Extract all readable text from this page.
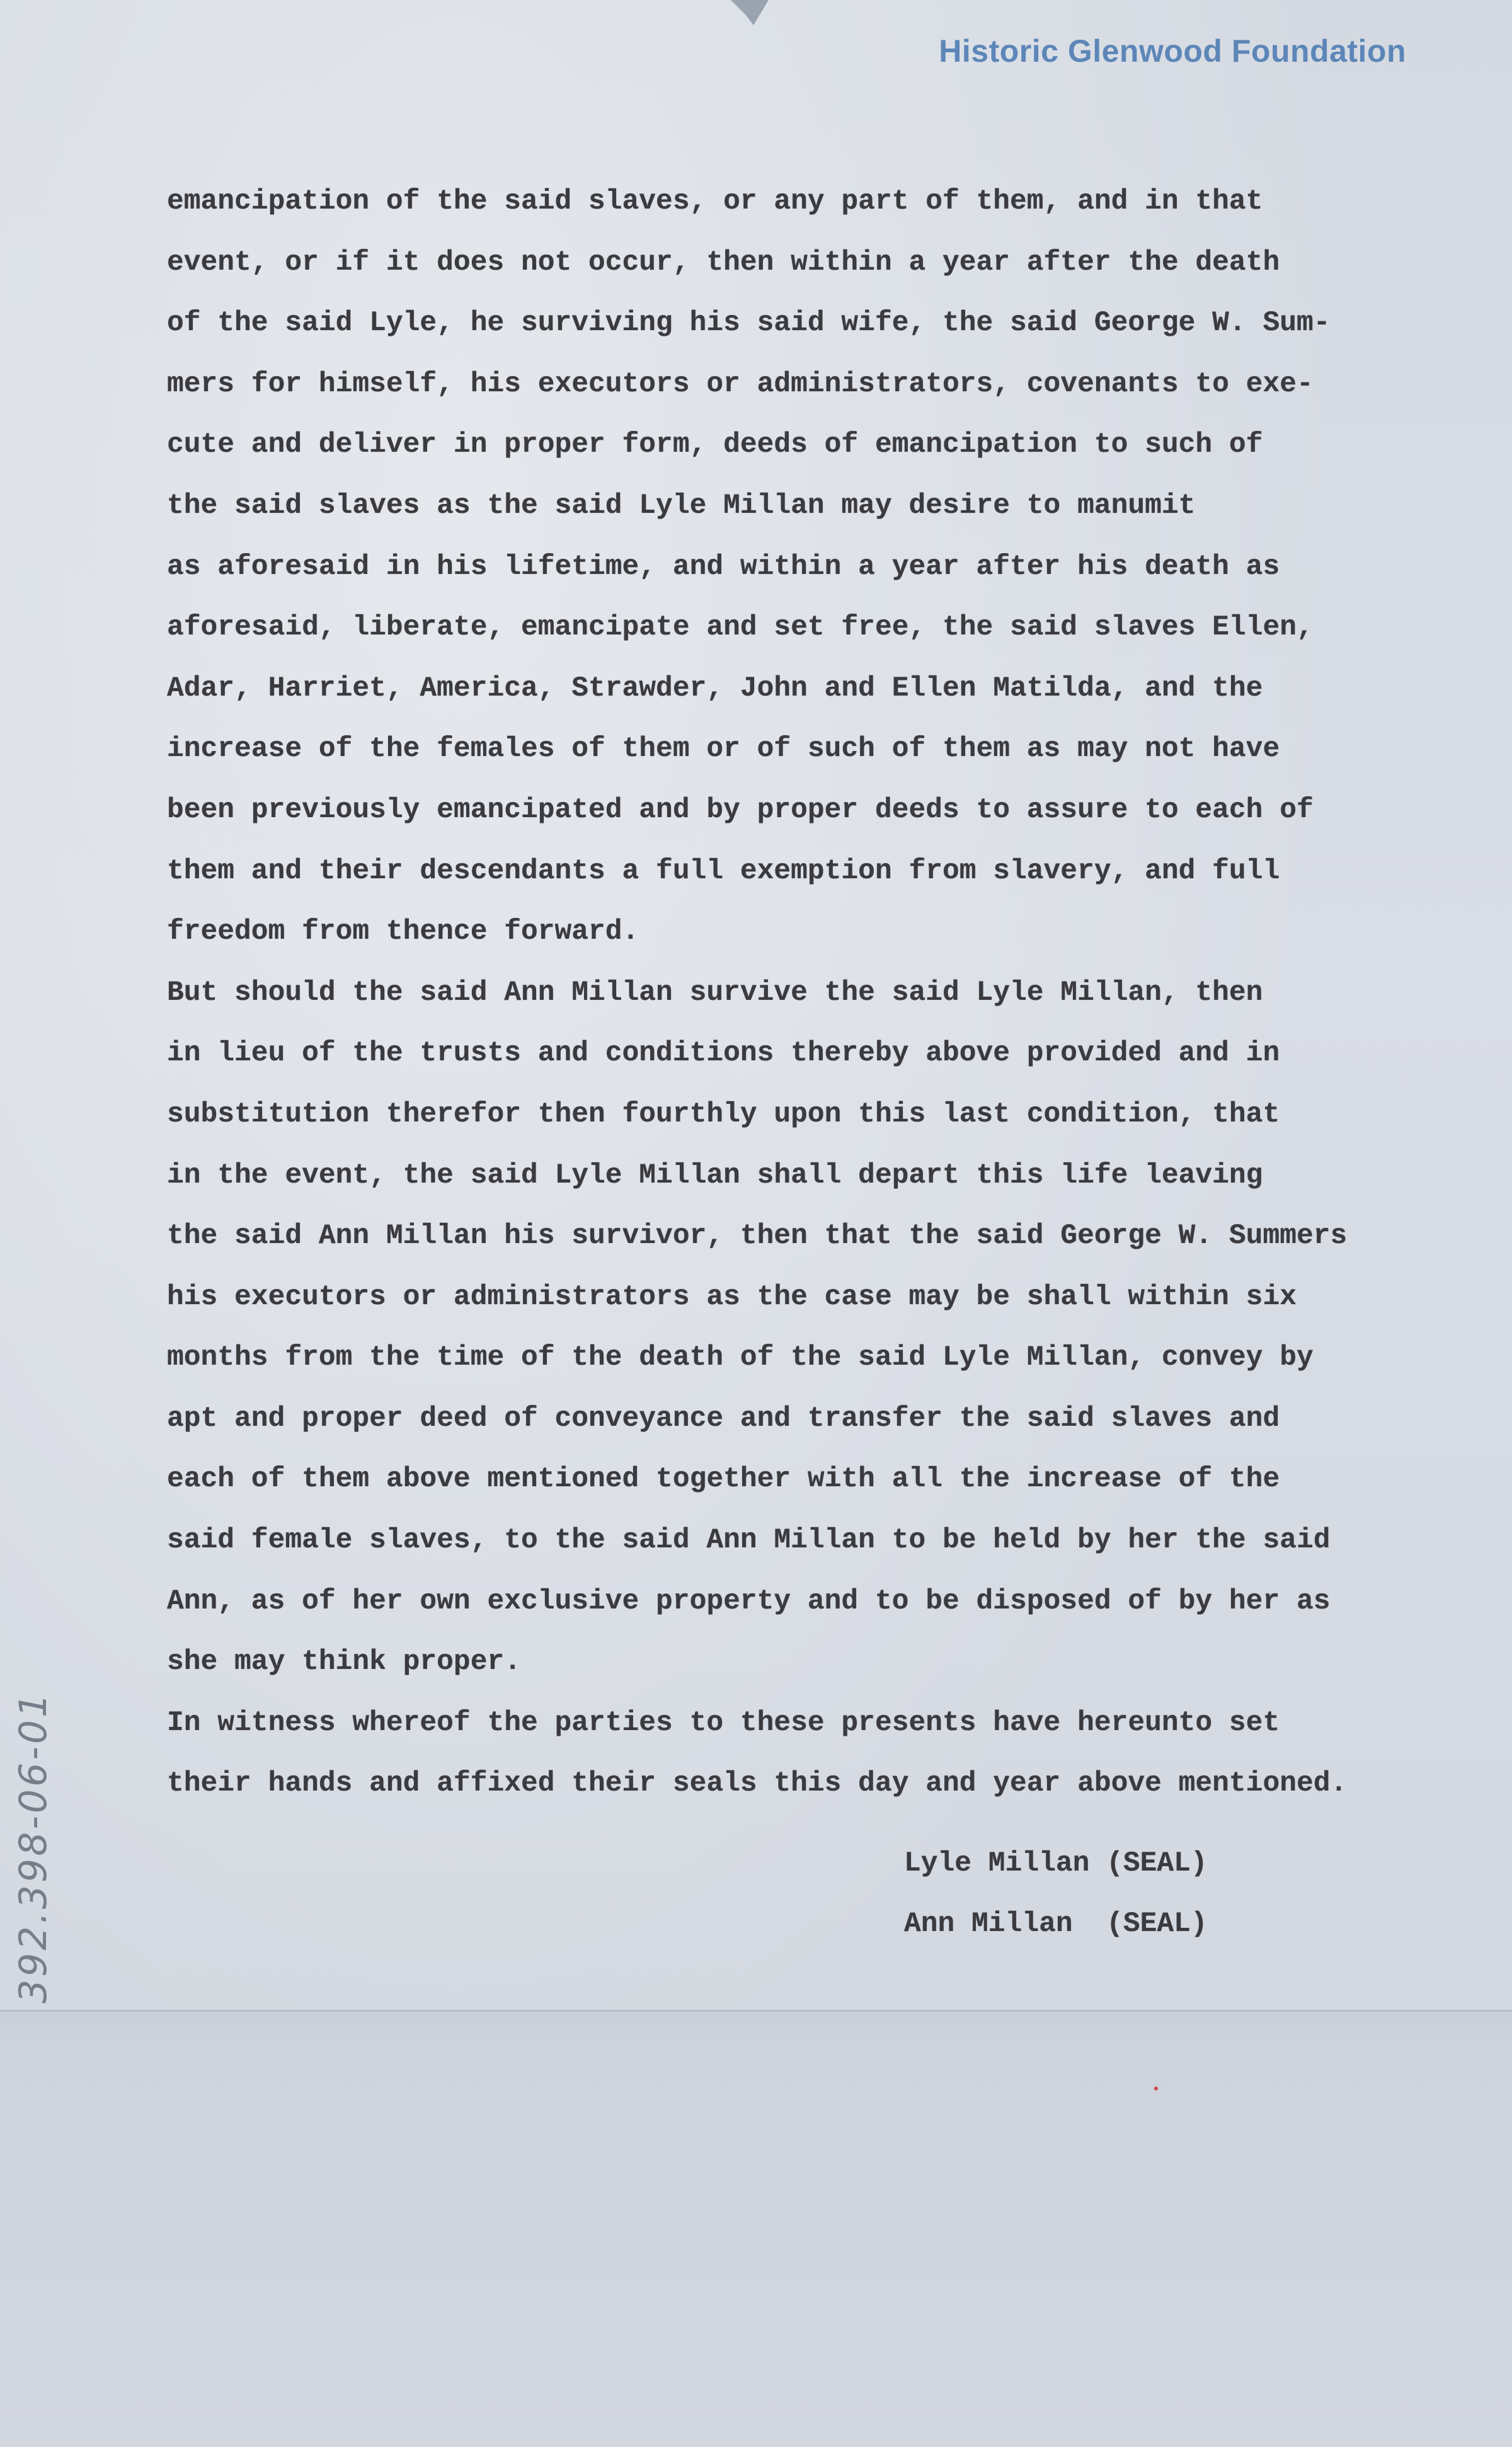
Historic Glenwood Foundation
emancipation of the said slaves, or any part of them, and in that
event, or if it does not occur, then within a year after the death
of the said Lyle, he surviving his said wife, the said George W. Sum-
mers for himself, his executors or administrators, covenants to exe-
cute and deliver in proper form, deeds of emancipation to such of
the said slaves as the said Lyle Millan may desire to manumit
as aforesaid in his lifetime, and within a year after his death as
aforesaid, liberate, emancipate and set free, the said slaves Ellen,
Adar, Harriet, America, Strawder, John and Ellen Matilda, and the
increase of the females of them or of such of them as may not have
been previously emancipated and by proper deeds to assure to each of
them and their descendants a full exemption from slavery, and full
freedom from thence forward.
But should the said Ann Millan survive the said Lyle Millan, then
in lieu of the trusts and conditions thereby above provided and in
substitution therefor then fourthly upon this last condition, that
in the event, the said Lyle Millan shall depart this life leaving
the said Ann Millan his survivor, then that the said George W. Summers
his executors or administrators as the case may be shall within six
months from the time of the death of the said Lyle Millan, convey by
apt and proper deed of conveyance and transfer the said slaves and
each of them above mentioned together with all the increase of the
said female slaves, to the said Ann Millan to be held by her the said
Ann, as of her own exclusive property and to be disposed of by her as
she may think proper.
In witness whereof the parties to these presents have hereunto set
their hands and affixed their seals this day and year above mentioned.
Lyle Millan (SEAL)
Ann Millan  (SEAL)
392.398-06-01
